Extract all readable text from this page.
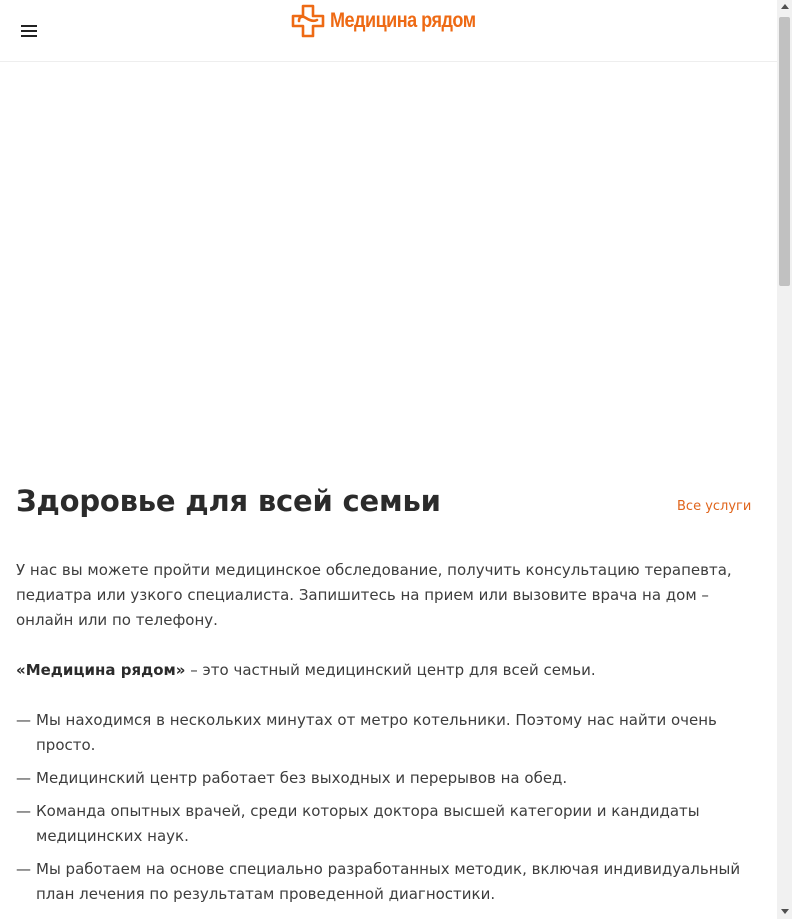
Медицина рядом
Здоровье для всей семьи	Все услуги

У нас вы можете пройти медицинское обследование, получить консультацию терапевта, педиатра или узкого специалиста. Запишитесь на прием или вызовите врача на дом – онлайн или по телефону.

«Медицина рядом» – это частный медицинский центр для всей семьи.

— Мы находимся в нескольких минутах от метро котельники. Поэтому нас найти очень просто.
— Медицинский центр работает без выходных и перерывов на обед.
— Команда опытных врачей, среди которых доктора высшей категории и кандидаты медицинских наук.
— Мы работаем на основе специально разработанных методик, включая индивидуальный план лечения по результатам проведенной диагностики.
